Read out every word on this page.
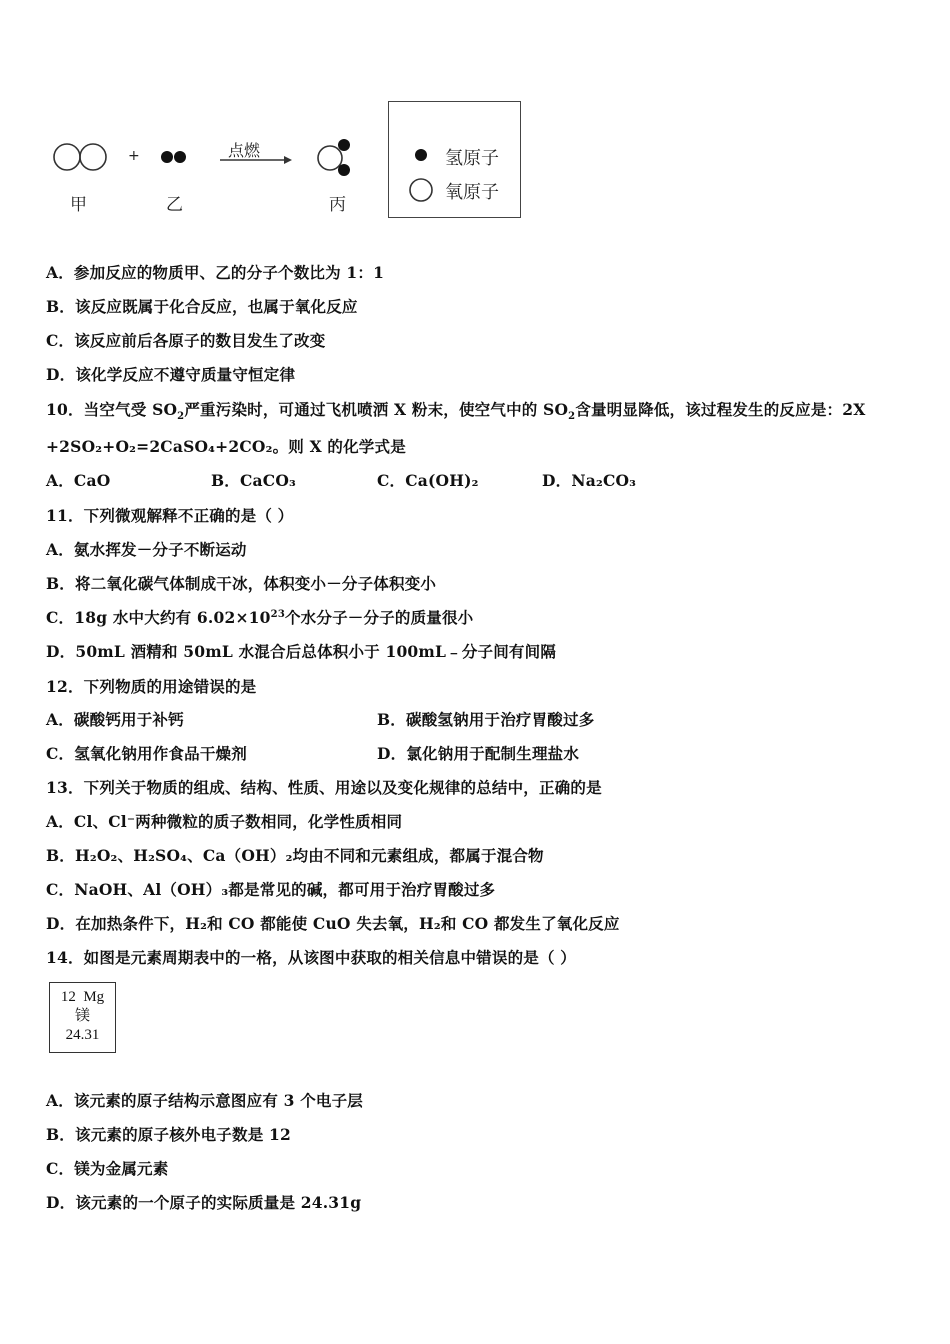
+	点燃
甲	乙	丙
氢原子
氧原子
A．参加反应的物质甲、乙的分子个数比为 1：1
B．该反应既属于化合反应，也属于氧化反应
C．该反应前后各原子的数目发生了改变
D．该化学反应不遵守质量守恒定律
10．当空气受 $SO_2$严重污染时，可通过飞机喷洒 X 粉末，使空气中的 $SO_2$含量明显降低，该过程发生的反应是：2X
+2SO₂+O₂=2CaSO₄+2CO₂。则 X 的化学式是
A．CaO	B．CaCO₃	C．Ca(OH)₂	D．Na₂CO₃
11．下列微观解释不正确的是（ ）
A．氨水挥发－分子不断运动
B．将二氧化碳气体制成干冰，体积变小－分子体积变小
C．18g 水中大约有 $6.02\times 10^{23}$个水分子－分子的质量很小
D．50mL 酒精和 50mL 水混合后总体积小于 100mL﹣分子间有间隔
12．下列物质的用途错误的是
A．碳酸钙用于补钙	B．碳酸氢钠用于治疗胃酸过多
C．氢氧化钠用作食品干燥剂	D．氯化钠用于配制生理盐水
13．下列关于物质的组成、结构、性质、用途以及变化规律的总结中，正确的是
A．Cl、Cl⁻两种微粒的质子数相同，化学性质相同
B．H₂O₂、H₂SO₄、Ca（OH）₂均由不同和元素组成，都属于混合物
C．NaOH、Al（OH）₃都是常见的碱，都可用于治疗胃酸过多
D．在加热条件下，H₂和 CO 都能使 CuO 失去氧，H₂和 CO 都发生了氧化反应
14．如图是元素周期表中的一格，从该图中获取的相关信息中错误的是（ ）
12 Mg
镁
24.31
A．该元素的原子结构示意图应有 3 个电子层
B．该元素的原子核外电子数是 12
C．镁为金属元素
D．该元素的一个原子的实际质量是 24.31g
